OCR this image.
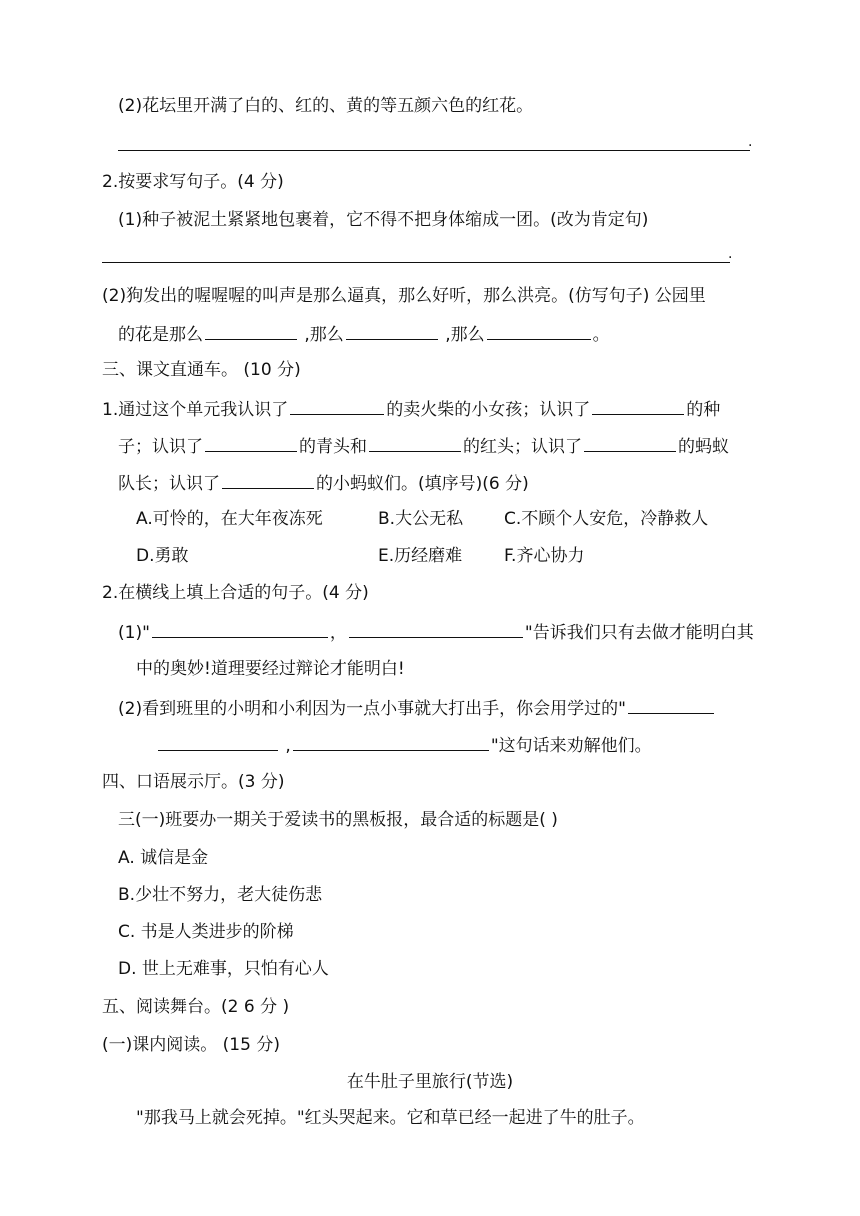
(2)花坛里开满了白的、红的、黄的等五颜六色的红花。
.
2.按要求写句子。(4 分)
(1)种子被泥土紧紧地包裹着，它不得不把身体缩成一团。(改为肯定句)
.
(2)狗发出的喔喔喔的叫声是那么逼真，那么好听，那么洪亮。(仿写句子) 公园里
的花是那么	,那么	,那么	。
三、课文直通车。 (10 分)
1.通过这个单元我认识了	的卖火柴的小女孩；认识了	的种
子；认识了	的青头和	的红头；认识了	的蚂蚁
队长；认识了	的小蚂蚁们。(填序号)(6 分)
A.可怜的，在大年夜冻死	B.大公无私 C.不顾个人安危，冷静救人
D.勇敢	E.历经磨难 F.齐心协力
2.在横线上填上合适的句子。(4 分)
(1)"	，	"告诉我们只有去做才能明白其
中的奥妙!道理要经过辩论才能明白!
(2)看到班里的小明和小利因为一点小事就大打出手，你会用学过的"
,	"这句话来劝解他们。
四、口语展示厅。(3 分)
三(一)班要办一期关于爱读书的黑板报，最合适的标题是( )
A. 诚信是金
B.少壮不努力，老大徒伤悲
C. 书是人类进步的阶梯
D. 世上无难事，只怕有心人
五、阅读舞台。(2 6 分 )
(一)课内阅读。 (15 分)
在牛肚子里旅行(节选)
"那我马上就会死掉。"红头哭起来。它和草已经一起进了牛的肚子。
